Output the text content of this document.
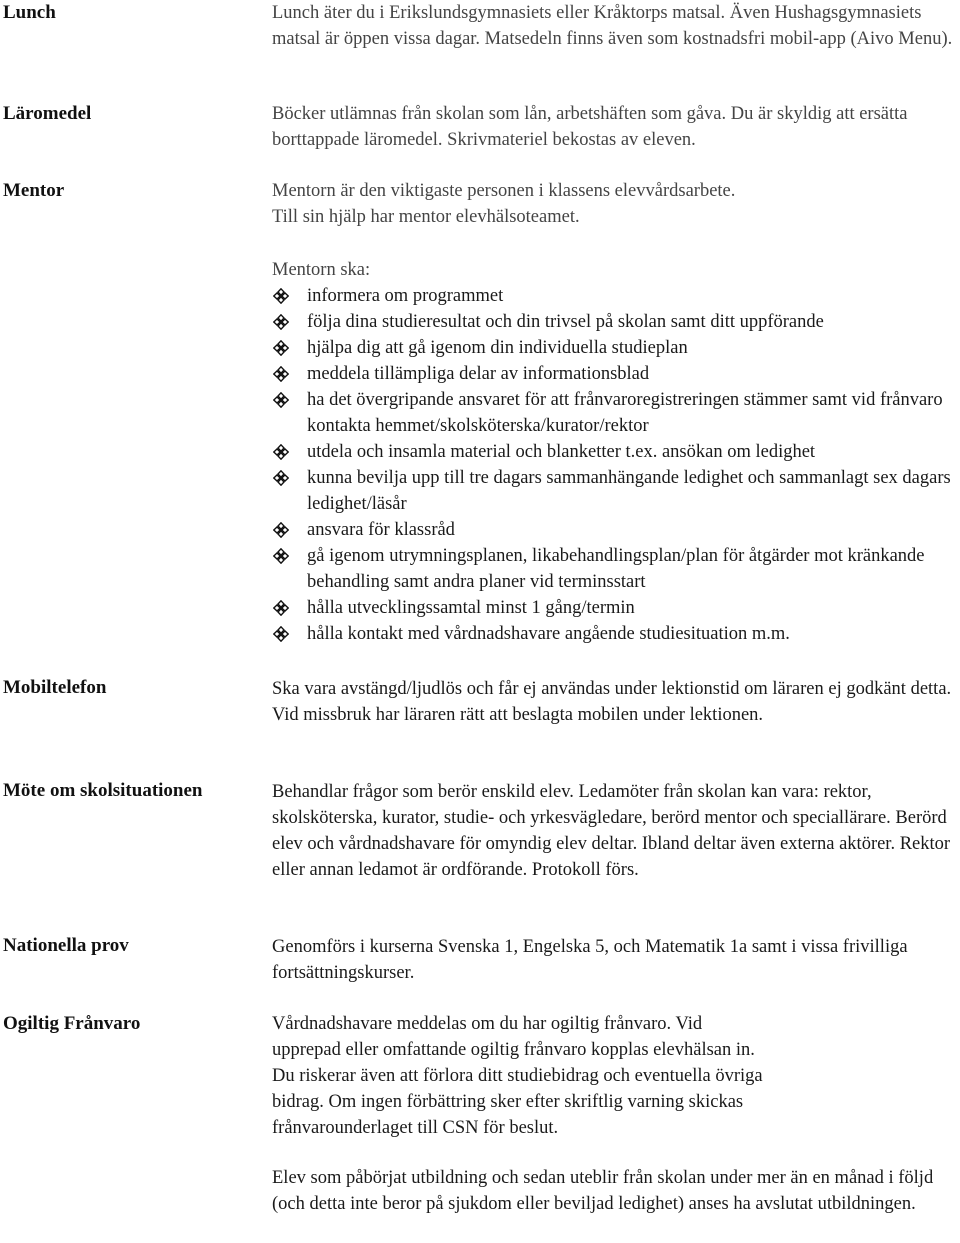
Lunch	Lunch äter du i Erikslundsgymnasiets eller Kråktorps matsal. Även Hushagsgymnasiets matsal är öppen vissa dagar. Matsedeln finns även som kostnadsfri mobil-app (Aivo Menu).
Läromedel	Böcker utlämnas från skolan som lån, arbetshäften som gåva. Du är skyldig att ersätta borttappade läromedel. Skrivmateriel bekostas av eleven.
Mentor	Mentorn är den viktigaste personen i klassens elevvårdsarbete.
Till sin hjälp har mentor elevhälsoteamet.
Mentorn ska:
informera om programmet
följa dina studieresultat och din trivsel på skolan samt ditt uppförande
hjälpa dig att gå igenom din individuella studieplan
meddela tillämpliga delar av informationsblad
ha det övergripande ansvaret för att frånvaroregistreringen stämmer samt vid frånvaro kontakta hemmet/skolsköterska/kurator/rektor
utdela och insamla material och blanketter t.ex. ansökan om ledighet
kunna bevilja upp till tre dagars sammanhängande ledighet och sammanlagt sex dagars ledighet/läsår
ansvara för klassråd
gå igenom utrymningsplanen, likabehandlingsplan/plan för åtgärder mot kränkande behandling samt andra planer vid terminsstart
hålla utvecklingssamtal minst 1 gång/termin
hålla kontakt med vårdnadshavare angående studiesituation m.m.
Mobiltelefon	Ska vara avstängd/ljudlös och får ej användas under lektionstid om läraren ej godkänt detta. Vid missbruk har läraren rätt att beslagta mobilen under lektionen.
Möte om skolsituationen	Behandlar frågor som berör enskild elev. Ledamöter från skolan kan vara: rektor, skolsköterska, kurator, studie- och yrkesvägledare, berörd mentor och speciallärare. Berörd elev och vårdnadshavare för omyndig elev deltar. Ibland deltar även externa aktörer. Rektor eller annan ledamot är ordförande. Protokoll förs.
Nationella prov	Genomförs i kurserna Svenska 1, Engelska 5, och Matematik 1a samt i vissa frivilliga fortsättningskurser.
Ogiltig Frånvaro	Vårdnadshavare meddelas om du har ogiltig frånvaro. Vid upprepad eller omfattande ogiltig frånvaro kopplas elevhälsan in. Du riskerar även att förlora ditt studiebidrag och eventuella övriga bidrag. Om ingen förbättring sker efter skriftlig varning skickas frånvarounderlaget till CSN för beslut.
Elev som påbörjat utbildning och sedan uteblir från skolan under mer än en månad i följd (och detta inte beror på sjukdom eller beviljad ledighet) anses ha avslutat utbildningen.
